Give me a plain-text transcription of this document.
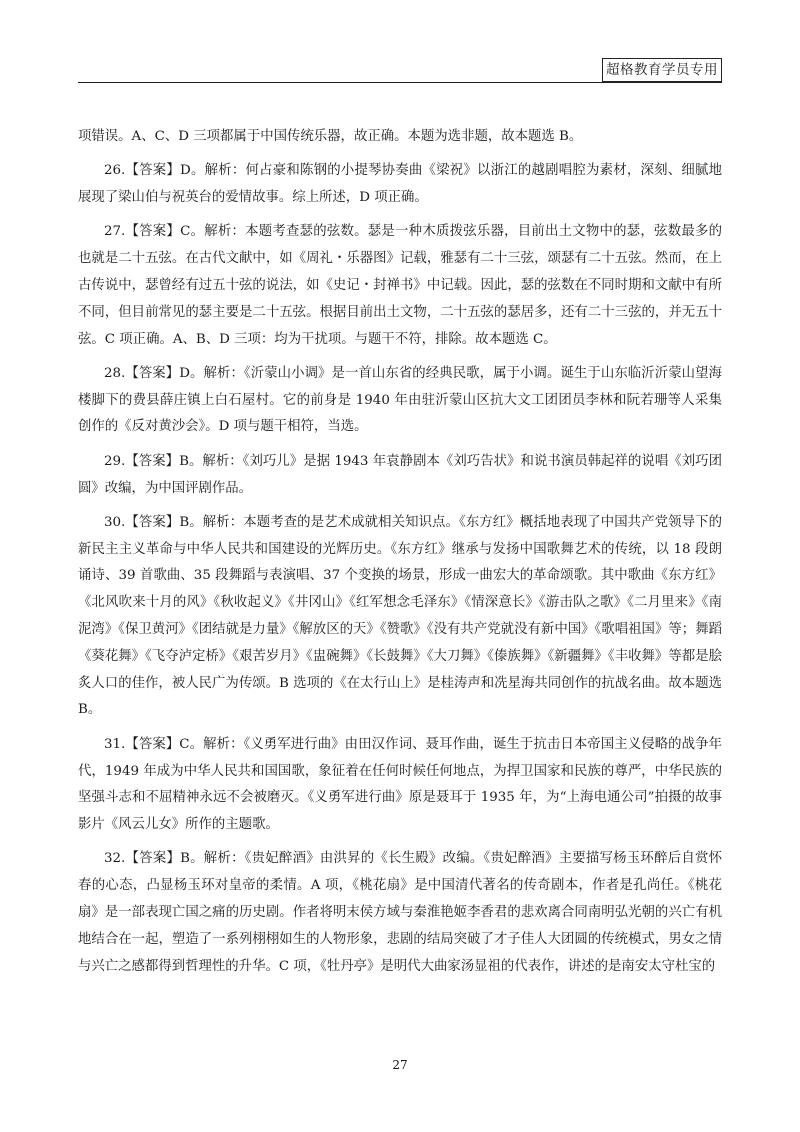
超格教育学员专用

项错误。A、C、D 三项都属于中国传统乐器，故正确。本题为选非题，故本题选 B。

26.【答案】D。解析：何占豪和陈钢的小提琴协奏曲《梁祝》以浙江的越剧唱腔为素材，深刻、细腻地展现了梁山伯与祝英台的爱情故事。综上所述，D 项正确。

27.【答案】C。解析：本题考查瑟的弦数。瑟是一种木质拨弦乐器，目前出土文物中的瑟，弦数最多的也就是二十五弦。在古代文献中，如《周礼・乐器图》记载，雅瑟有二十三弦，颂瑟有二十五弦。然而，在上古传说中，瑟曾经有过五十弦的说法，如《史记・封禅书》中记载。因此，瑟的弦数在不同时期和文献中有所不同，但目前常见的瑟主要是二十五弦。根据目前出土文物，二十五弦的瑟居多，还有二十三弦的，并无五十弦。C 项正确。A、B、D 三项：均为干扰项。与题干不符，排除。故本题选 C。

28.【答案】D。解析：《沂蒙山小调》是一首山东省的经典民歌，属于小调。诞生于山东临沂沂蒙山望海楼脚下的费县薛庄镇上白石屋村。它的前身是 1940 年由驻沂蒙山区抗大文工团团员李林和阮若珊等人采集创作的《反对黄沙会》。D 项与题干相符，当选。

29.【答案】B。解析：《刘巧儿》是据 1943 年袁静剧本《刘巧告状》和说书演员韩起祥的说唱《刘巧团圆》改编，为中国评剧作品。

30.【答案】B。解析：本题考查的是艺术成就相关知识点。《东方红》概括地表现了中国共产党领导下的新民主主义革命与中华人民共和国建设的光辉历史。《东方红》继承与发扬中国歌舞艺术的传统，以 18 段朗诵诗、39 首歌曲、35 段舞蹈与表演唱、37 个变换的场景，形成一曲宏大的革命颂歌。其中歌曲《东方红》《北风吹来十月的风》《秋收起义》《井冈山》《红军想念毛泽东》《情深意长》《游击队之歌》《二月里来》《南泥湾》《保卫黄河》《团结就是力量》《解放区的天》《赞歌》《没有共产党就没有新中国》《歌唱祖国》等；舞蹈《葵花舞》《飞夺泸定桥》《艰苦岁月》《盅碗舞》《长鼓舞》《大刀舞》《傣族舞》《新疆舞》《丰收舞》等都是脍炙人口的佳作，被人民广为传颂。B 选项的《在太行山上》是桂涛声和冼星海共同创作的抗战名曲。故本题选 B。

31.【答案】C。解析：《义勇军进行曲》由田汉作词、聂耳作曲，诞生于抗击日本帝国主义侵略的战争年代，1949 年成为中华人民共和国国歌，象征着在任何时候任何地点，为捍卫国家和民族的尊严，中华民族的坚强斗志和不屈精神永远不会被磨灭。《义勇军进行曲》原是聂耳于 1935 年，为“上海电通公司”拍摄的故事影片《风云儿女》所作的主题歌。

32.【答案】B。解析：《贵妃醉酒》由洪昇的《长生殿》改编。《贵妃醉酒》主要描写杨玉环醉后自赏怀春的心态，凸显杨玉环对皇帝的柔情。A 项，《桃花扇》是中国清代著名的传奇剧本，作者是孔尚任。《桃花扇》是一部表现亡国之痛的历史剧。作者将明末侯方域与秦淮艳姬李香君的悲欢离合同南明弘光朝的兴亡有机地结合在一起，塑造了一系列栩栩如生的人物形象，悲剧的结局突破了才子佳人大团圆的传统模式，男女之情与兴亡之感都得到哲理性的升华。C 项，《牡丹亭》是明代大曲家汤显祖的代表作，讲述的是南安太守杜宝的

27
